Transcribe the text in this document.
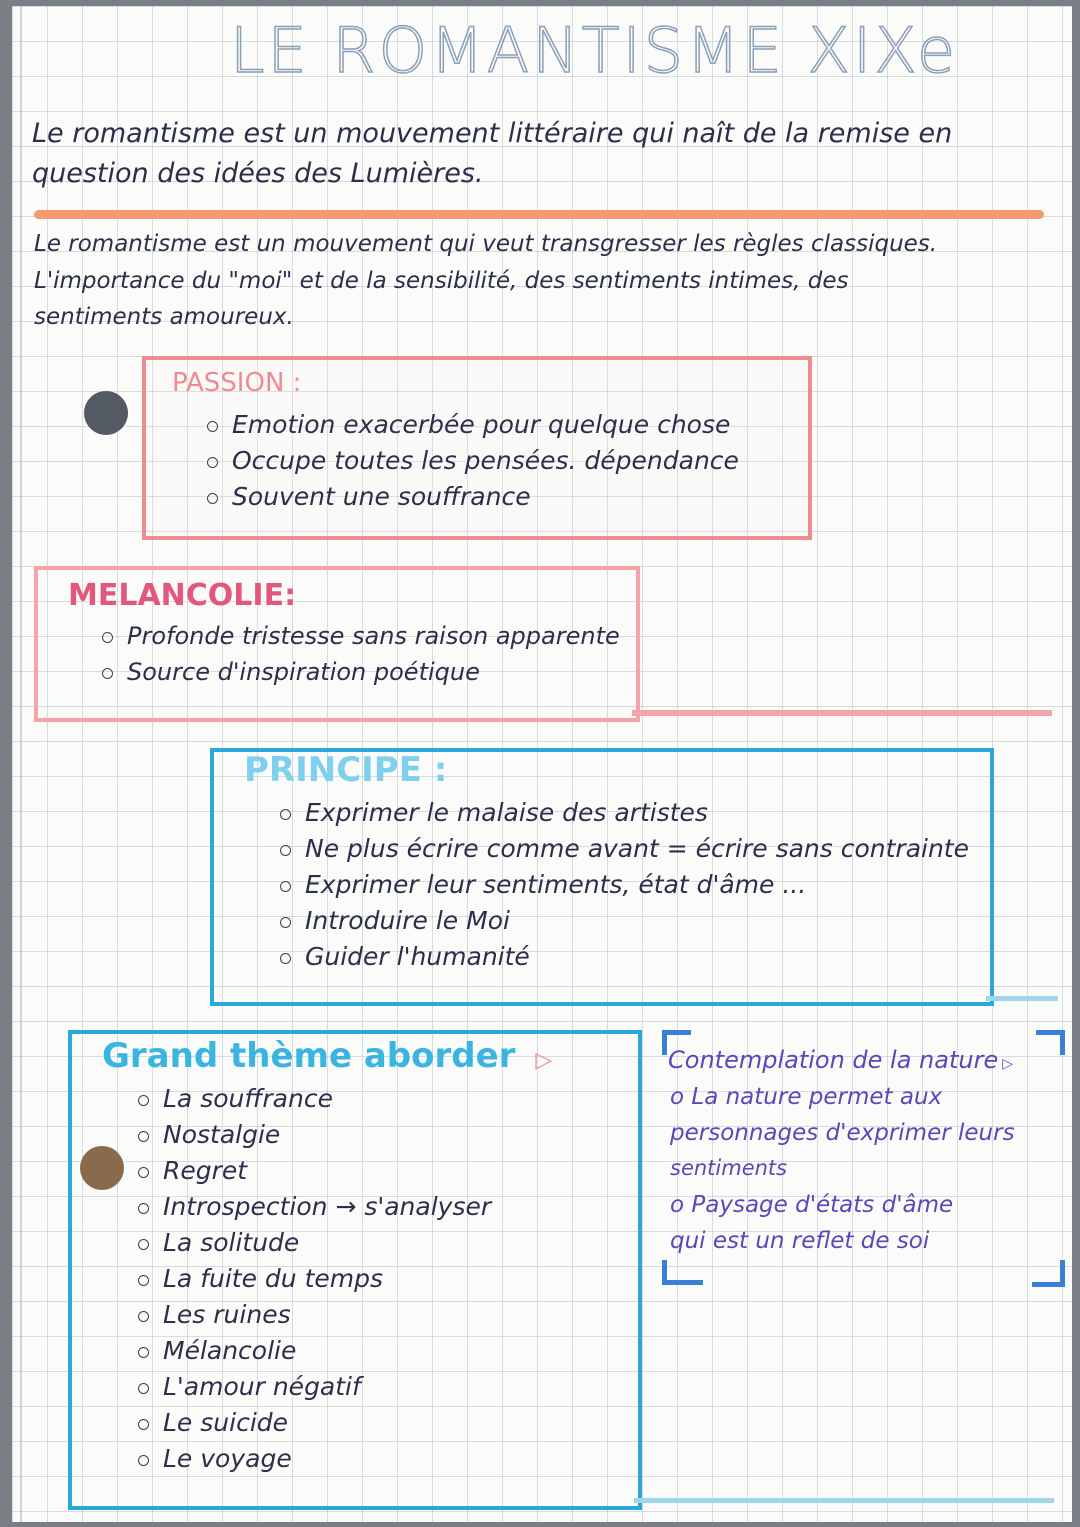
LE ROMANTISME XIXe
Le romantisme est un mouvement littéraire qui naît de la remise en
question des idées des Lumières.
Le romantisme est un mouvement qui veut transgresser les règles classiques.
L'importance du "moi" et de la sensibilité, des sentiments intimes, des
sentiments amoureux.
PASSION :
Emotion exacerbée pour quelque chose
Occupe toutes les pensées. dépendance
Souvent une souffrance
MELANCOLIE:
Profonde tristesse sans raison apparente
Source d'inspiration poétique
PRINCIPE :
Exprimer le malaise des artistes
Ne plus écrire comme avant = écrire sans contrainte
Exprimer leur sentiments, état d'âme ...
Introduire le Moi
Guider l'humanité
Grand thème aborder ▷
La souffrance
Nostalgie
Regret
Introspection → s'analyser
La solitude
La fuite du temps
Les ruines
Mélancolie
L'amour négatif
Le suicide
Le voyage
Contemplation de la nature ▷
o La nature permet aux
personnages d'exprimer leurs
sentiments
o Paysage d'états d'âme
qui est un reflet de soi
